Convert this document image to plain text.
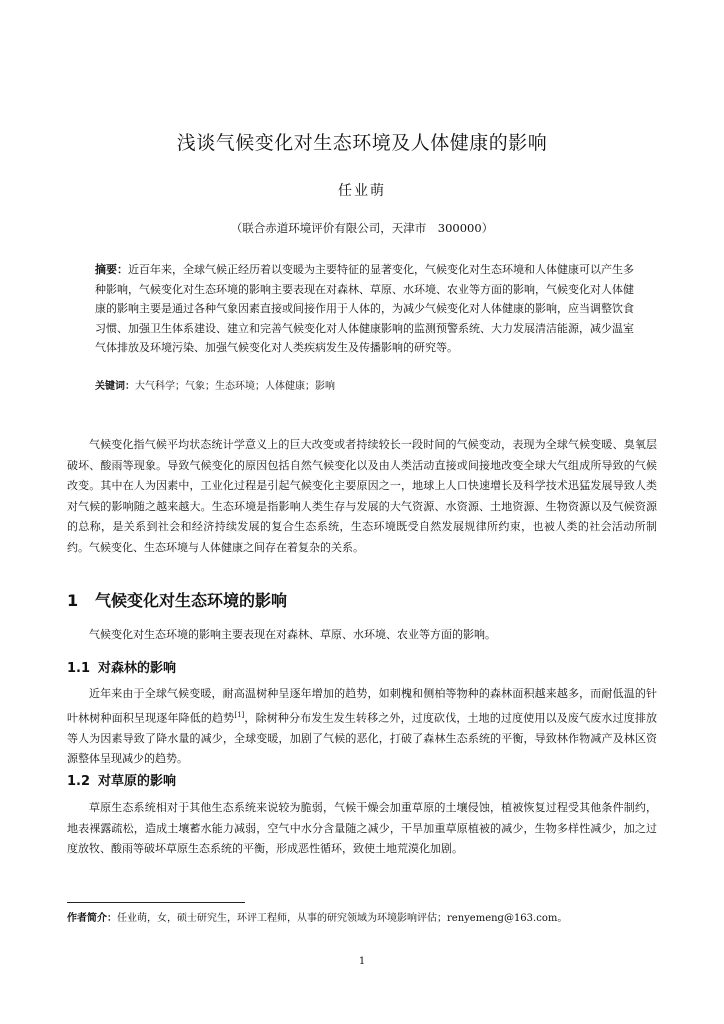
浅谈气候变化对生态环境及人体健康的影响
任业萌
（联合赤道环境评价有限公司，天津市　300000）
摘要：近百年来，全球气候正经历着以变暖为主要特征的显著变化，气候变化对生态环境和人体健康可以产生多种影响，气候变化对生态环境的影响主要表现在对森林、草原、水环境、农业等方面的影响，气候变化对人体健康的影响主要是通过各种气象因素直接或间接作用于人体的，为减少气候变化对人体健康的影响，应当调整饮食习惯、加强卫生体系建设、建立和完善气候变化对人体健康影响的监测预警系统、大力发展清洁能源，减少温室气体排放及环境污染、加强气候变化对人类疾病发生及传播影响的研究等。
关键词：大气科学；气象；生态环境；人体健康；影响

气候变化指气候平均状态统计学意义上的巨大改变或者持续较长一段时间的气候变动，表现为全球气候变暖、臭氧层破坏、酸雨等现象。导致气候变化的原因包括自然气候变化以及由人类活动直接或间接地改变全球大气组成所导致的气候改变。其中在人为因素中，工业化过程是引起气候变化主要原因之一，地球上人口快速增长及科学技术迅猛发展导致人类对气候的影响随之越来越大。生态环境是指影响人类生存与发展的大气资源、水资源、土地资源、生物资源以及气候资源的总称，是关系到社会和经济持续发展的复合生态系统，生态环境既受自然发展规律所约束，也被人类的社会活动所制约。气候变化、生态环境与人体健康之间存在着复杂的关系。

1 气候变化对生态环境的影响

气候变化对生态环境的影响主要表现在对森林、草原、水环境、农业等方面的影响。

1.1 对森林的影响

近年来由于全球气候变暖，耐高温树种呈逐年增加的趋势，如刺槐和侧柏等物种的森林面积越来越多，而耐低温的针叶林树种面积呈现逐年降低的趋势[1]，除树种分布发生发生转移之外，过度砍伐，土地的过度使用以及废气废水过度排放等人为因素导致了降水量的减少，全球变暖，加剧了气候的恶化，打破了森林生态系统的平衡，导致林作物减产及林区资源整体呈现减少的趋势。

1.2 对草原的影响

草原生态系统相对于其他生态系统来说较为脆弱，气候干燥会加重草原的土壤侵蚀，植被恢复过程受其他条件制约，地表裸露疏松，造成土壤蓄水能力减弱，空气中水分含量随之减少，干旱加重草原植被的减少，生物多样性减少，加之过度放牧、酸雨等破坏草原生态系统的平衡，形成恶性循环，致使土地荒漠化加剧。

作者简介：任业萌，女，硕士研究生，环评工程师，从事的研究领域为环境影响评估；renyemeng@163.com。
1
